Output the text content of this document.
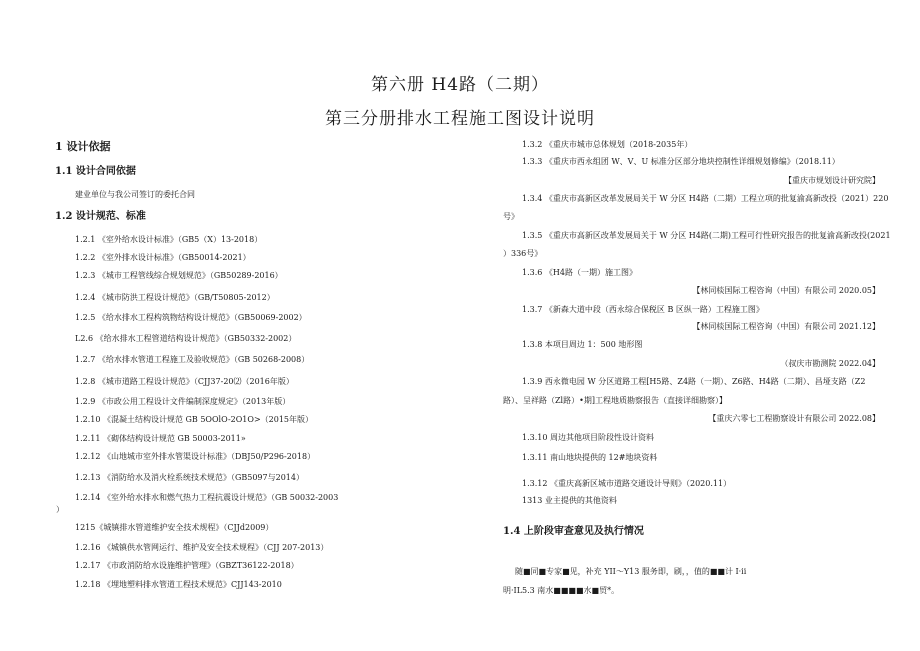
第六册 H4路（二期）
第三分册排水工程施工图设计说明
1 设计依据
1.1 设计合同依据
建业单位与我公司签订的委托合同
1.2 设计规范、标准
1.2.1 《室外给水设计标准》（GB5（X）13-2018）
1.2.2 《室外排水设计标准》（GB50014-2021）
1.2.3 《城市工程管线综合规划规范》（GB50289-2016）
1.2.4 《城市防洪工程设计规范》（GB/T50805-2012）
1.2.5 《给水排水工程构筑物结构设计规范》（GB50069-2002）
L2.6 《给水排水工程管道结构设计规范》（GB50332-2002）
1.2.7 《给水排水管道工程施工及验收规范》（GB 50268-2008）
1.2.8 《城市道路工程设计规范》（CJJ37-20⑵（2016年版）
1.2.9 《市政公用工程设计文件编制深度规定》（2013年版）
1.2.10 《混凝土结构设计规范 GB 5OOlO-2O1O>（2015年版）
1.2.11 《砌体结构设计规范 GB 50003-2011»
1.2.12 《山地城市室外排水管渠设计标准》（DBJ50/P296-2018）
1.2.13 《消防给水及消火栓系统技术规范》（GB5097与2014）
1.2.14 《室外给水排水和燃气热力工程抗震设计规范》（GB 50032-2003
）
1215《城镇排水管道维护安全技术规程》（CJJd2009）
1.2.16 《城镇供水管网运行、维护及安全技术规程》（CJJ 207-2013）
1.2.17 《市政消防给水设施维护管理》（GBZT36122-2018）
1.2.18 《埋地塑料排水管道工程技术规范》CJJ143-2010
1.3.2 《重庆市城市总体规划（2018-2035年）
1.3.3 《重庆市西永组团 W、V、U 标准分区部分地块控制性详细规划修编》（2018.11）
【重庆市规划设计研究院】
1.3.4 《重庆市高新区改革发展局关于 W 分区 H4路（二期）工程立项的批复渝高新改投（2021）220
号》
1.3.5 《重庆市高新区改革发展局关于 W 分区 H4路(二期)工程可行性研究报告的批复渝高新改投(2021
）336号》
1.3.6 《H4路（一期）施工图》
【林同棪国际工程咨询（中国）有限公司 2020.05】
1.3.7 《新森大道中段（西永综合保税区 B 区纵一路）工程施工图》
【林同棪国际工程咨询（中国）有限公司 2021.12】
1.3.8 本项目周边 1：500 地形图
（叔庆市勘测院 2022.04】
1.3.9 西永微电园 W 分区道路工程[H5路、Z4路（一期）、Z6路、H4路（二期）、昌垭支路（Z2
路）、呈祥路（Zl路）•期]工程地质勘察报告（直接详细勘察）】
【重庆六零七工程勘察设计有限公司 2022.08】
1.3.10 周边其他项目阶段性设计资料
1.3.11 南山地块提供的 12#地块资料
1.3.12 《重庆高新区城市道路交通设计导则》（2020.11）
1313 业主提供的其他资料
1.4 上阶段审查意见及执行情况
随■同■专家■见，补充 YII～Y13 服务即，刷，，值的■■计 I·ii
明·IL5.3 南水■■■■水■贸*。
